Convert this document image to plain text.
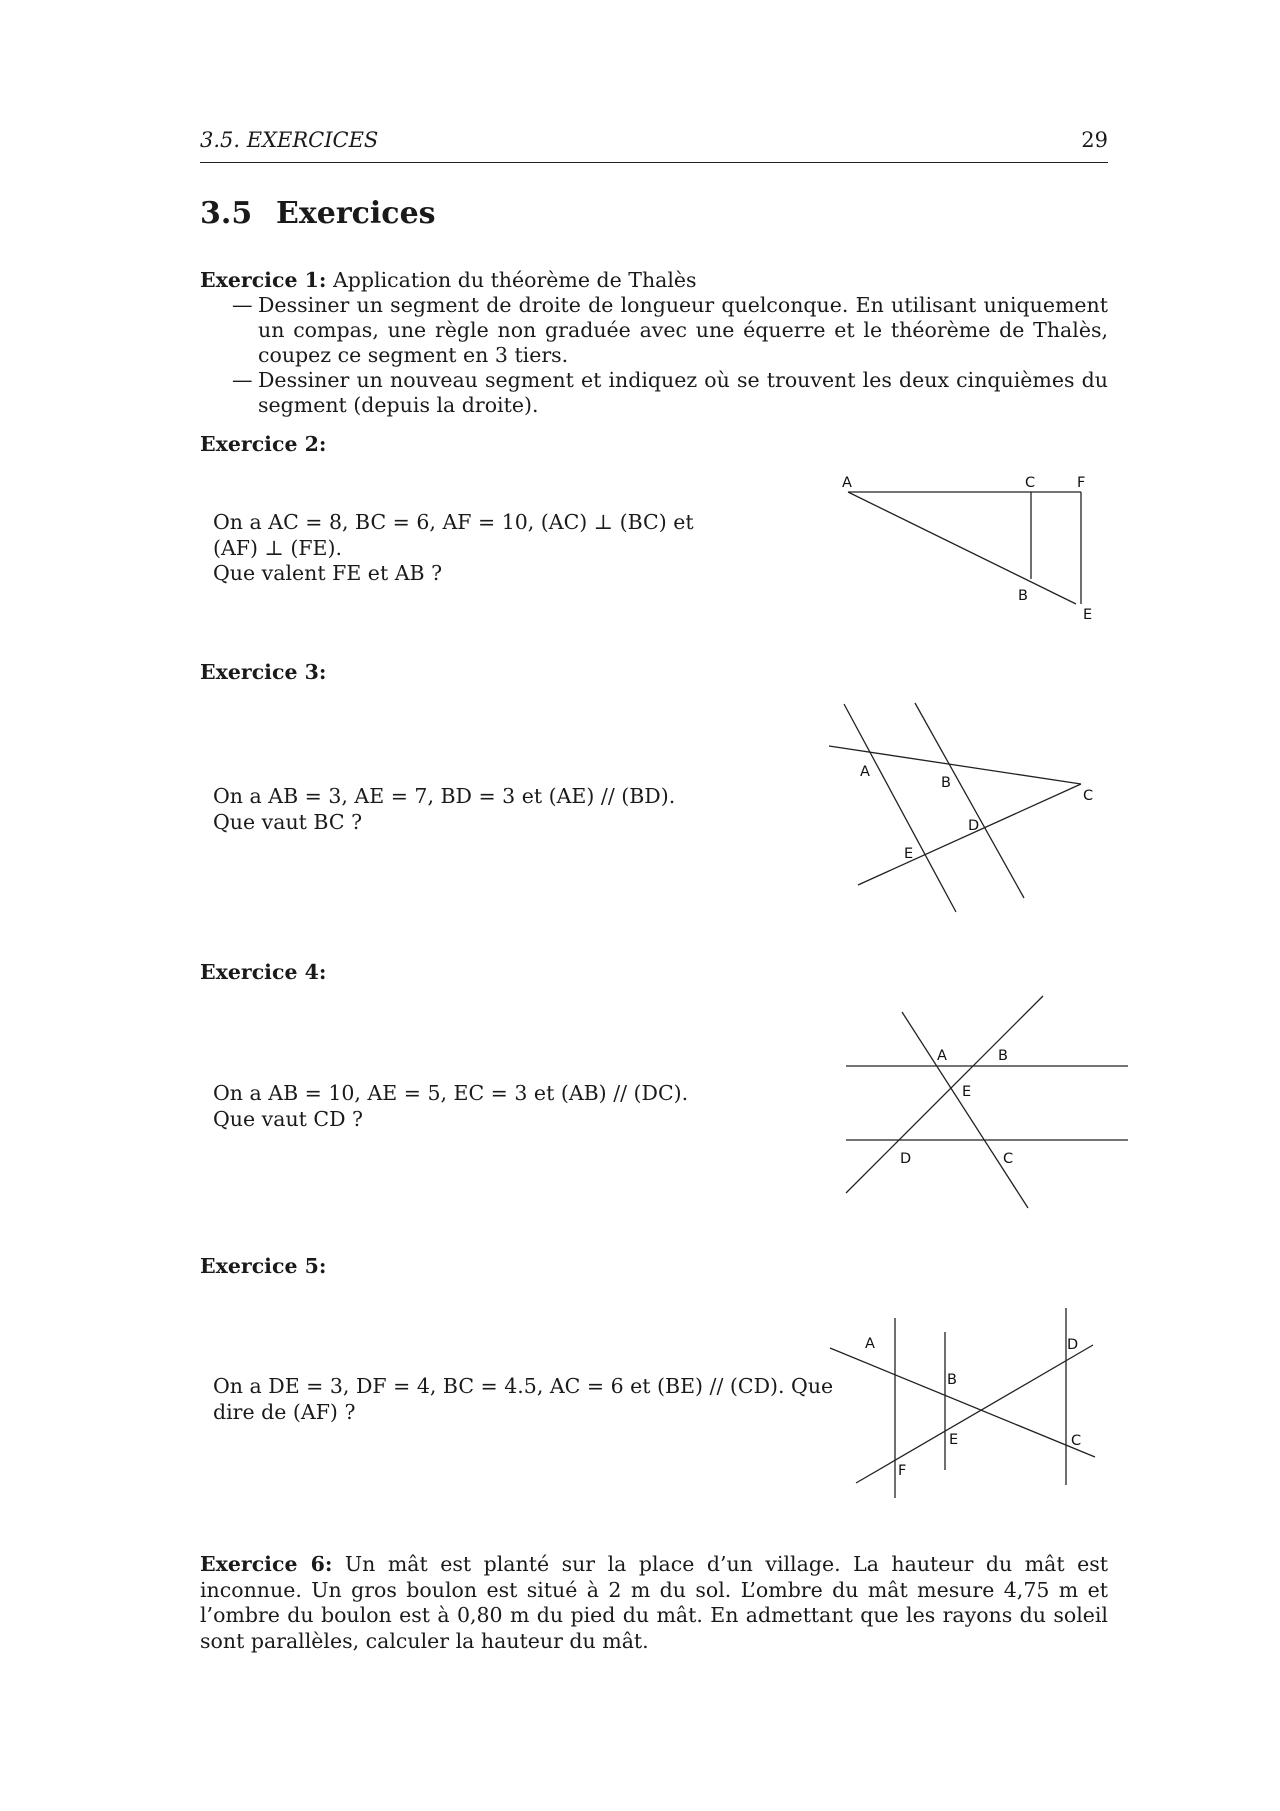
3.5. EXERCICES	29
3.5 Exercices
Exercice 1: Application du théorème de Thalès
— Dessiner un segment de droite de longueur quelconque. En utilisant uniquement un compas, une règle non graduée avec une équerre et le théorème de Thalès, coupez ce segment en 3 tiers.
— Dessiner un nouveau segment et indiquez où se trouvent les deux cinquièmes du segment (depuis la droite).
Exercice 2:
On a AC = 8, BC = 6, AF = 10, (AC) ⊥ (BC) et
(AF) ⊥ (FE).
Que valent FE et AB ?
A	C	F
B
E
Exercice 3:
On a AB = 3, AE = 7, BD = 3 et (AE) // (BD).
Que vaut BC ?
A
B
C
D
E
Exercice 4:
On a AB = 10, AE = 5, EC = 3 et (AB) // (DC).
Que vaut CD ?
A	B
E
D	C
Exercice 5:
On a DE = 3, DF = 4, BC = 4.5, AC = 6 et (BE) // (CD). Que
dire de (AF) ?
A	D
B
E	C
F
Exercice 6: Un mât est planté sur la place d’un village. La hauteur du mât est inconnue. Un gros boulon est situé à 2 m du sol. L’ombre du mât mesure 4,75 m et l’ombre du boulon est à 0,80 m du pied du mât. En admettant que les rayons du soleil sont parallèles, calculer la hauteur du mât.
